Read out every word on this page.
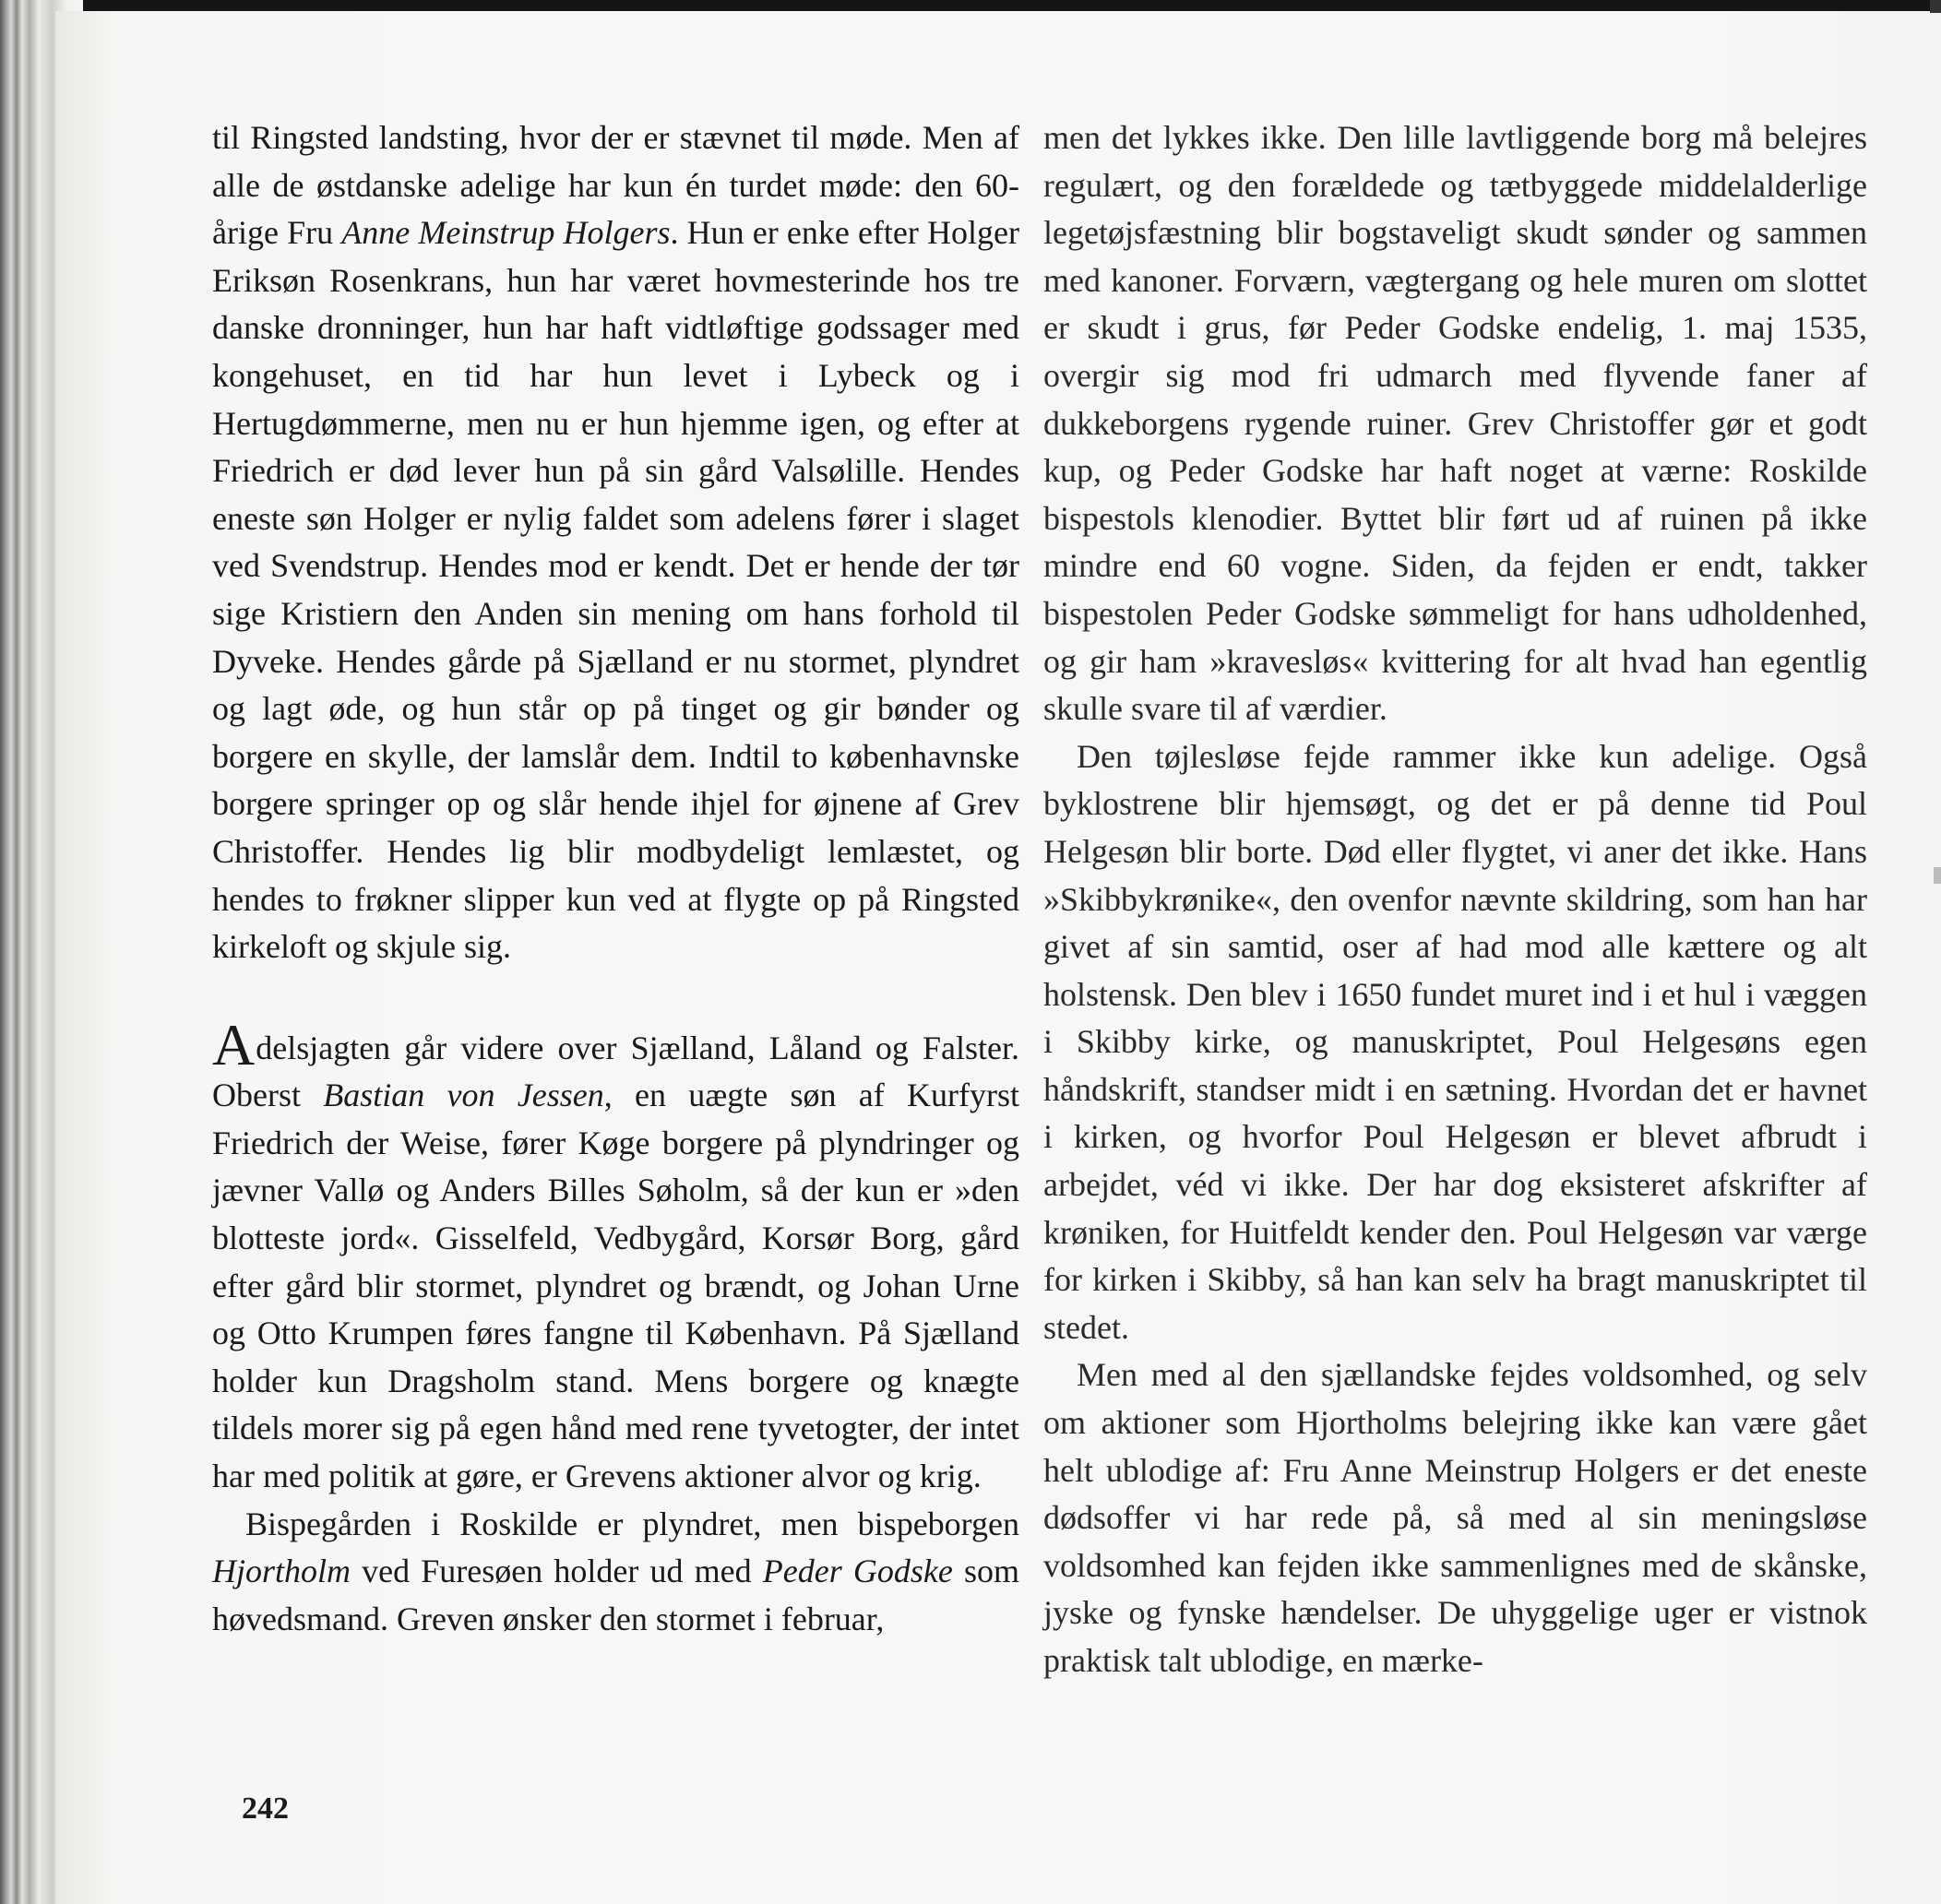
til Ringsted landsting, hvor der er stævnet til møde. Men af alle de østdanske adelige har kun én turdet møde: den 60-årige Fru Anne Meinstrup Holgers. Hun er enke efter Holger Eriksøn Rosenkrans, hun har været hovmesterinde hos tre danske dronninger, hun har haft vidtløftige godssager med kongehuset, en tid har hun levet i Lybeck og i Hertugdømmerne, men nu er hun hjemme igen, og efter at Friedrich er død lever hun på sin gård Valsølille. Hendes eneste søn Holger er nylig faldet som adelens fører i slaget ved Svendstrup. Hendes mod er kendt. Det er hende der tør sige Kristiern den Anden sin mening om hans forhold til Dyveke. Hendes gårde på Sjælland er nu stormet, plyndret og lagt øde, og hun står op på tinget og gir bønder og borgere en skylle, der lamslår dem. Indtil to københavnske borgere springer op og slår hende ihjel for øjnene af Grev Christoffer. Hendes lig blir modbydeligt lemlæstet, og hendes to frøkner slipper kun ved at flygte op på Ringsted kirkeloft og skjule sig.

Adelsjagten går videre over Sjælland, Låland og Falster. Oberst Bastian von Jessen, en uægte søn af Kurfyrst Friedrich der Weise, fører Køge borgere på plyndringer og jævner Vallø og Anders Billes Søholm, så der kun er »den blotteste jord«. Gisselfeld, Vedbygård, Korsør Borg, gård efter gård blir stormet, plyndret og brændt, og Johan Urne og Otto Krumpen føres fangne til København. På Sjælland holder kun Dragsholm stand. Mens borgere og knægte tildels morer sig på egen hånd med rene tyvetogter, der intet har med politik at gøre, er Grevens aktioner alvor og krig.

Bispegården i Roskilde er plyndret, men bispeborgen Hjortholm ved Furesøen holder ud med Peder Godske som høvedsmand. Greven ønsker den stormet i februar,

men det lykkes ikke. Den lille lavtliggende borg må belejres regulært, og den forældede og tætbyggede middelalderlige legetøjsfæstning blir bogstaveligt skudt sønder og sammen med kanoner. Forværn, vægtergang og hele muren om slottet er skudt i grus, før Peder Godske endelig, 1. maj 1535, overgir sig mod fri udmarch med flyvende faner af dukkeborgens rygende ruiner. Grev Christoffer gør et godt kup, og Peder Godske har haft noget at værne: Roskilde bispestols klenodier. Byttet blir ført ud af ruinen på ikke mindre end 60 vogne. Siden, da fejden er endt, takker bispestolen Peder Godske sømmeligt for hans udholdenhed, og gir ham »kravesløs« kvittering for alt hvad han egentlig skulle svare til af værdier.

Den tøjlesløse fejde rammer ikke kun adelige. Også byklostrene blir hjemsøgt, og det er på denne tid Poul Helgesøn blir borte. Død eller flygtet, vi aner det ikke. Hans »Skibbykrønike«, den ovenfor nævnte skildring, som han har givet af sin samtid, oser af had mod alle kættere og alt holstensk. Den blev i 1650 fundet muret ind i et hul i væggen i Skibby kirke, og manuskriptet, Poul Helgesøns egen håndskrift, standser midt i en sætning. Hvordan det er havnet i kirken, og hvorfor Poul Helgesøn er blevet afbrudt i arbejdet, véd vi ikke. Der har dog eksisteret afskrifter af krøniken, for Huitfeldt kender den. Poul Helgesøn var værge for kirken i Skibby, så han kan selv ha bragt manuskriptet til stedet.

Men med al den sjællandske fejdes voldsomhed, og selv om aktioner som Hjortholms belejring ikke kan være gået helt ublodige af: Fru Anne Meinstrup Holgers er det eneste dødsoffer vi har rede på, så med al sin meningsløse voldsomhed kan fejden ikke sammenlignes med de skånske, jyske og fynske hændelser. De uhyggelige uger er vistnok praktisk talt ublodige, en mærke-

242
